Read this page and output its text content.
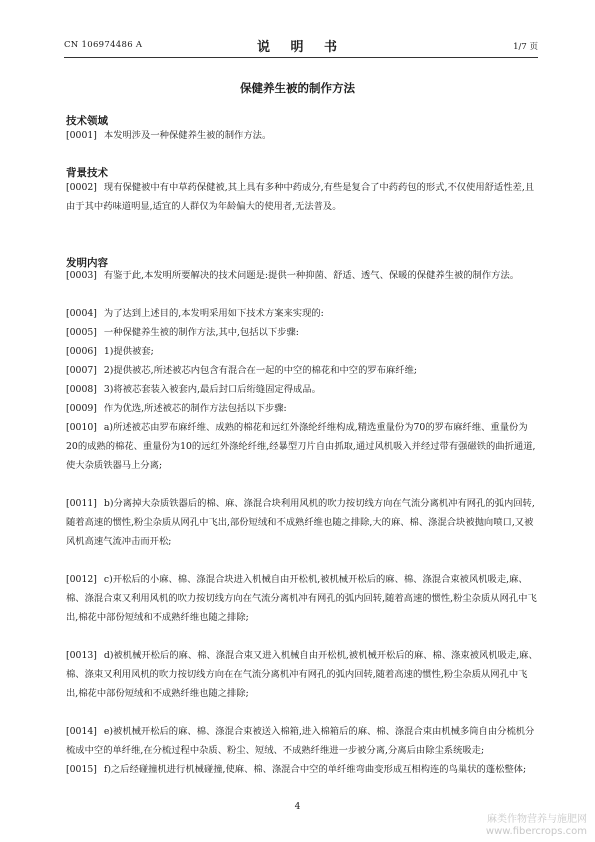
CN 106974486 A	说 明 书	1/7 页
保健养生被的制作方法
技术领域
[0001] 本发明涉及一种保健养生被的制作方法。
背景技术
[0002] 现有保健被中有中草药保健被,其上具有多种中药成分,有些是复合了中药药包的形式,不仅使用舒适性差,且由于其中药味道明显,适宜的人群仅为年龄偏大的使用者,无法普及。
发明内容
[0003] 有鉴于此,本发明所要解决的技术问题是:提供一种抑菌、舒适、透气、保暖的保健养生被的制作方法。
[0004] 为了达到上述目的,本发明采用如下技术方案来实现的:
[0005] 一种保健养生被的制作方法,其中,包括以下步骤:
[0006] 1)提供被套;
[0007] 2)提供被芯,所述被芯内包含有混合在一起的中空的棉花和中空的罗布麻纤维;
[0008] 3)将被芯套装入被套内,最后封口后绗缝固定得成品。
[0009] 作为优选,所述被芯的制作方法包括以下步骤:
[0010] a)所述被芯由罗布麻纤维、成熟的棉花和远红外涤纶纤维构成,精选重量份为70的罗布麻纤维、重量份为20的成熟的棉花、重量份为10的远红外涤纶纤维,经暴型刀片自由抓取,通过风机吸入并经过带有强磁铁的曲折通道,使大杂质铁器马上分离;
[0011] b)分离掉大杂质铁器后的棉、麻、涤混合块利用风机的吹力按切线方向在气流分离机冲有网孔的弧内回转,随着高速的惯性,粉尘杂质从网孔中飞出,部份短绒和不成熟纤维也随之排除,大的麻、棉、涤混合块被抛向喷口,又被风机高速气流冲击而开松;
[0012] c)开松后的小麻、棉、涤混合块进入机械自由开松机,被机械开松后的麻、棉、涤混合束被风机吸走,麻、棉、涤混合束又利用风机的吹力按切线方向在气流分离机冲有网孔的弧内回转,随着高速的惯性,粉尘杂质从网孔中飞出,棉花中部份短绒和不成熟纤维也随之排除;
[0013] d)被机械开松后的麻、棉、涤混合束又进入机械自由开松机,被机械开松后的麻、棉、涤束被风机吸走,麻、棉、涤束又利用风机的吹力按切线方向在在气流分离机冲有网孔的弧内回转,随着高速的惯性,粉尘杂质从网孔中飞出,棉花中部份短绒和不成熟纤维也随之排除;
[0014] e)被机械开松后的麻、棉、涤混合束被送入棉箱,进入棉箱后的麻、棉、涤混合束由机械多筒自由分梳机分梳成中空的单纤维,在分梳过程中杂质、粉尘、短绒、不成熟纤维进一步被分离,分离后由除尘系统吸走;
[0015] f)之后经碰撞机进行机械碰撞,使麻、棉、涤混合中空的单纤维弯曲变形成互相构连的鸟巢状的蓬松整体;
4
麻类作物营养与施肥网
www.fibercrops.com
